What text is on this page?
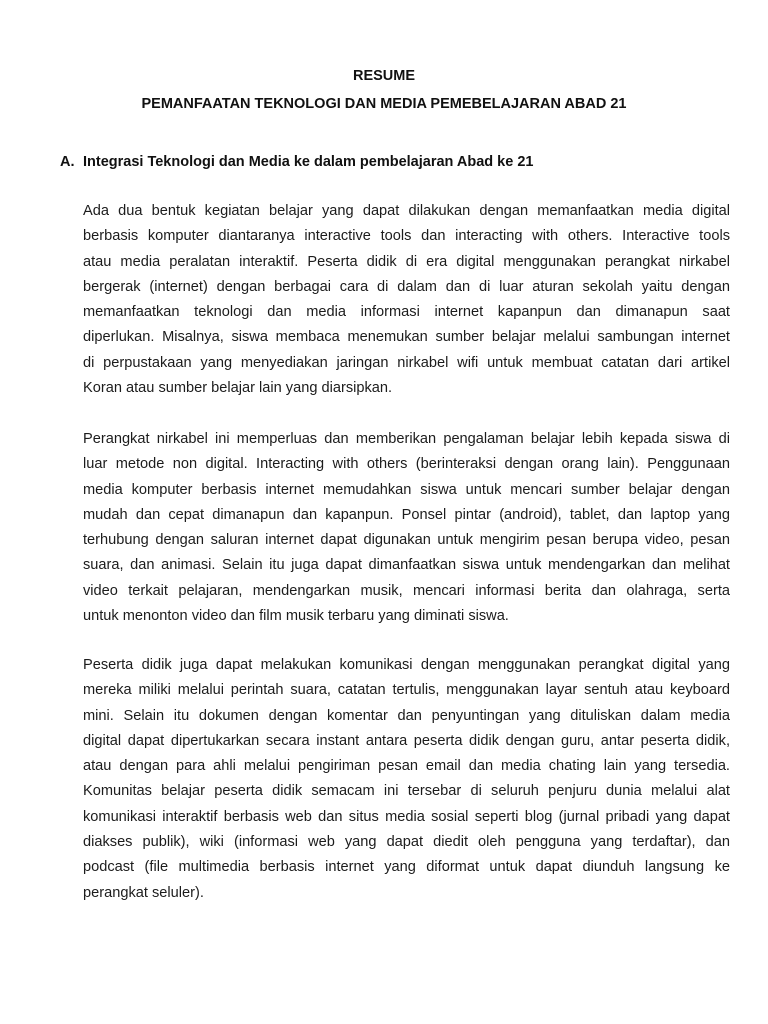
RESUME
PEMANFAATAN TEKNOLOGI DAN MEDIA PEMEBELAJARAN ABAD 21
A. Integrasi Teknologi dan Media ke dalam pembelajaran Abad ke 21
Ada dua bentuk kegiatan belajar yang dapat dilakukan dengan memanfaatkan media digital
berbasis komputer diantaranya interactive tools dan interacting with others. Interactive tools
atau media peralatan interaktif. Peserta didik di era digital menggunakan perangkat nirkabel
bergerak (internet) dengan berbagai cara di dalam dan di luar aturan sekolah yaitu dengan
memanfaatkan teknologi dan media informasi internet kapanpun dan dimanapun saat
diperlukan. Misalnya, siswa membaca menemukan sumber belajar melalui sambungan internet
di perpustakaan yang menyediakan jaringan nirkabel wifi untuk membuat catatan dari artikel
Koran atau sumber belajar lain yang diarsipkan.
Perangkat nirkabel ini memperluas dan memberikan pengalaman belajar lebih kepada siswa di
luar metode non digital. Interacting with others (berinteraksi dengan orang lain). Penggunaan
media komputer berbasis internet memudahkan siswa untuk mencari sumber belajar dengan
mudah dan cepat dimanapun dan kapanpun. Ponsel pintar (android), tablet, dan laptop yang
terhubung dengan saluran internet dapat digunakan untuk mengirim pesan berupa video, pesan
suara, dan animasi. Selain itu juga dapat dimanfaatkan siswa untuk mendengarkan dan melihat
video terkait pelajaran, mendengarkan musik, mencari informasi berita dan olahraga, serta
untuk menonton video dan film musik terbaru yang diminati siswa.
Peserta didik juga dapat melakukan komunikasi dengan menggunakan perangkat digital yang
mereka miliki melalui perintah suara, catatan tertulis, menggunakan layar sentuh atau keyboard
mini. Selain itu dokumen dengan komentar dan penyuntingan yang dituliskan dalam media
digital dapat dipertukarkan secara instant antara peserta didik dengan guru, antar peserta didik,
atau dengan para ahli melalui pengiriman pesan email dan media chating lain yang tersedia.
Komunitas belajar peserta didik semacam ini tersebar di seluruh penjuru dunia melalui alat
komunikasi interaktif berbasis web dan situs media sosial seperti blog (jurnal pribadi yang dapat
diakses publik), wiki (informasi web yang dapat diedit oleh pengguna yang terdaftar), dan
podcast (file multimedia berbasis internet yang diformat untuk dapat diunduh langsung ke
perangkat seluler).
